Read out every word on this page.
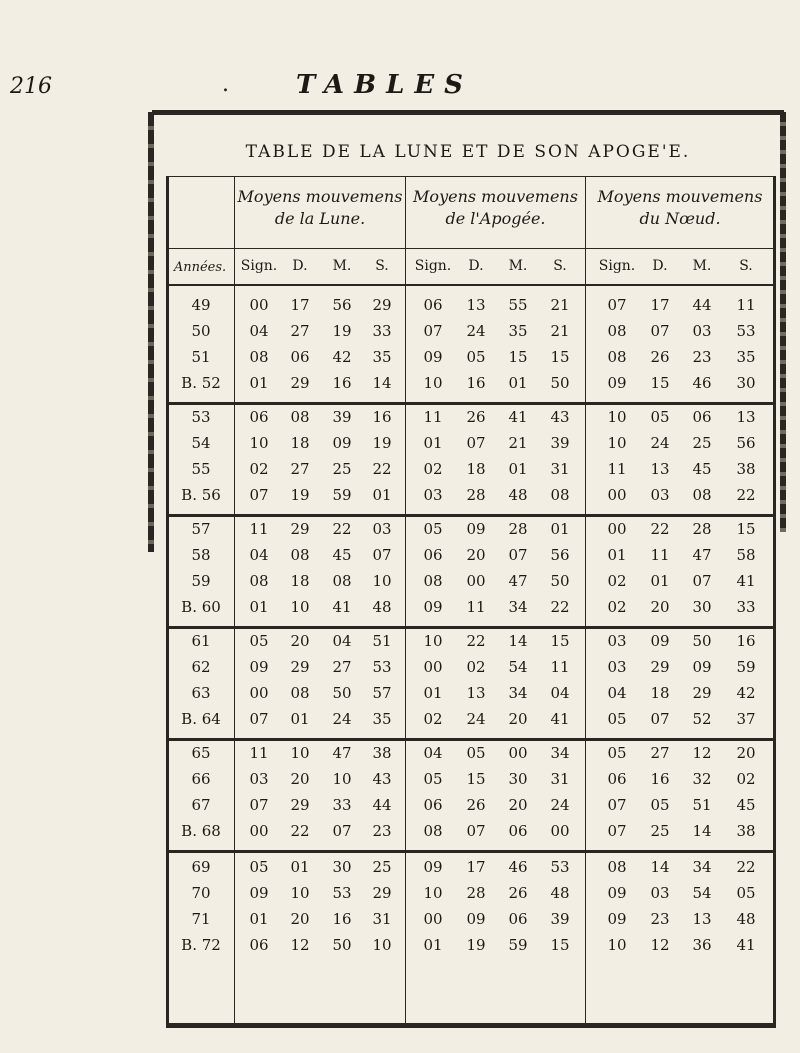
216	.	TABLES
TABLE DE LA LUNE ET DE SON APOGE'E.
Moyens mouvemens
de la Lune.
Moyens mouvemens
de l'Apogée.
Moyens mouvemens
du Nœud.
Années.	Sign.	D.	M.	S.	Sign.	D.	M.	S.	Sign.	D.	M.	S.
49	00	17	56	29	06	13	55	21	07	17	44	11
50	04	27	19	33	07	24	35	21	08	07	03	53
51	08	06	42	35	09	05	15	15	08	26	23	35
B. 52	01	29	16	14	10	16	01	50	09	15	46	30
53	06	08	39	16	11	26	41	43	10	05	06	13
54	10	18	09	19	01	07	21	39	10	24	25	56
55	02	27	25	22	02	18	01	31	11	13	45	38
B. 56	07	19	59	01	03	28	48	08	00	03	08	22
57	11	29	22	03	05	09	28	01	00	22	28	15
58	04	08	45	07	06	20	07	56	01	11	47	58
59	08	18	08	10	08	00	47	50	02	01	07	41
B. 60	01	10	41	48	09	11	34	22	02	20	30	33
61	05	20	04	51	10	22	14	15	03	09	50	16
62	09	29	27	53	00	02	54	11	03	29	09	59
63	00	08	50	57	01	13	34	04	04	18	29	42
B. 64	07	01	24	35	02	24	20	41	05	07	52	37
65	11	10	47	38	04	05	00	34	05	27	12	20
66	03	20	10	43	05	15	30	31	06	16	32	02
67	07	29	33	44	06	26	20	24	07	05	51	45
B. 68	00	22	07	23	08	07	06	00	07	25	14	38
69	05	01	30	25	09	17	46	53	08	14	34	22
70	09	10	53	29	10	28	26	48	09	03	54	05
71	01	20	16	31	00	09	06	39	09	23	13	48
B. 72	06	12	50	10	01	19	59	15	10	12	36	41
